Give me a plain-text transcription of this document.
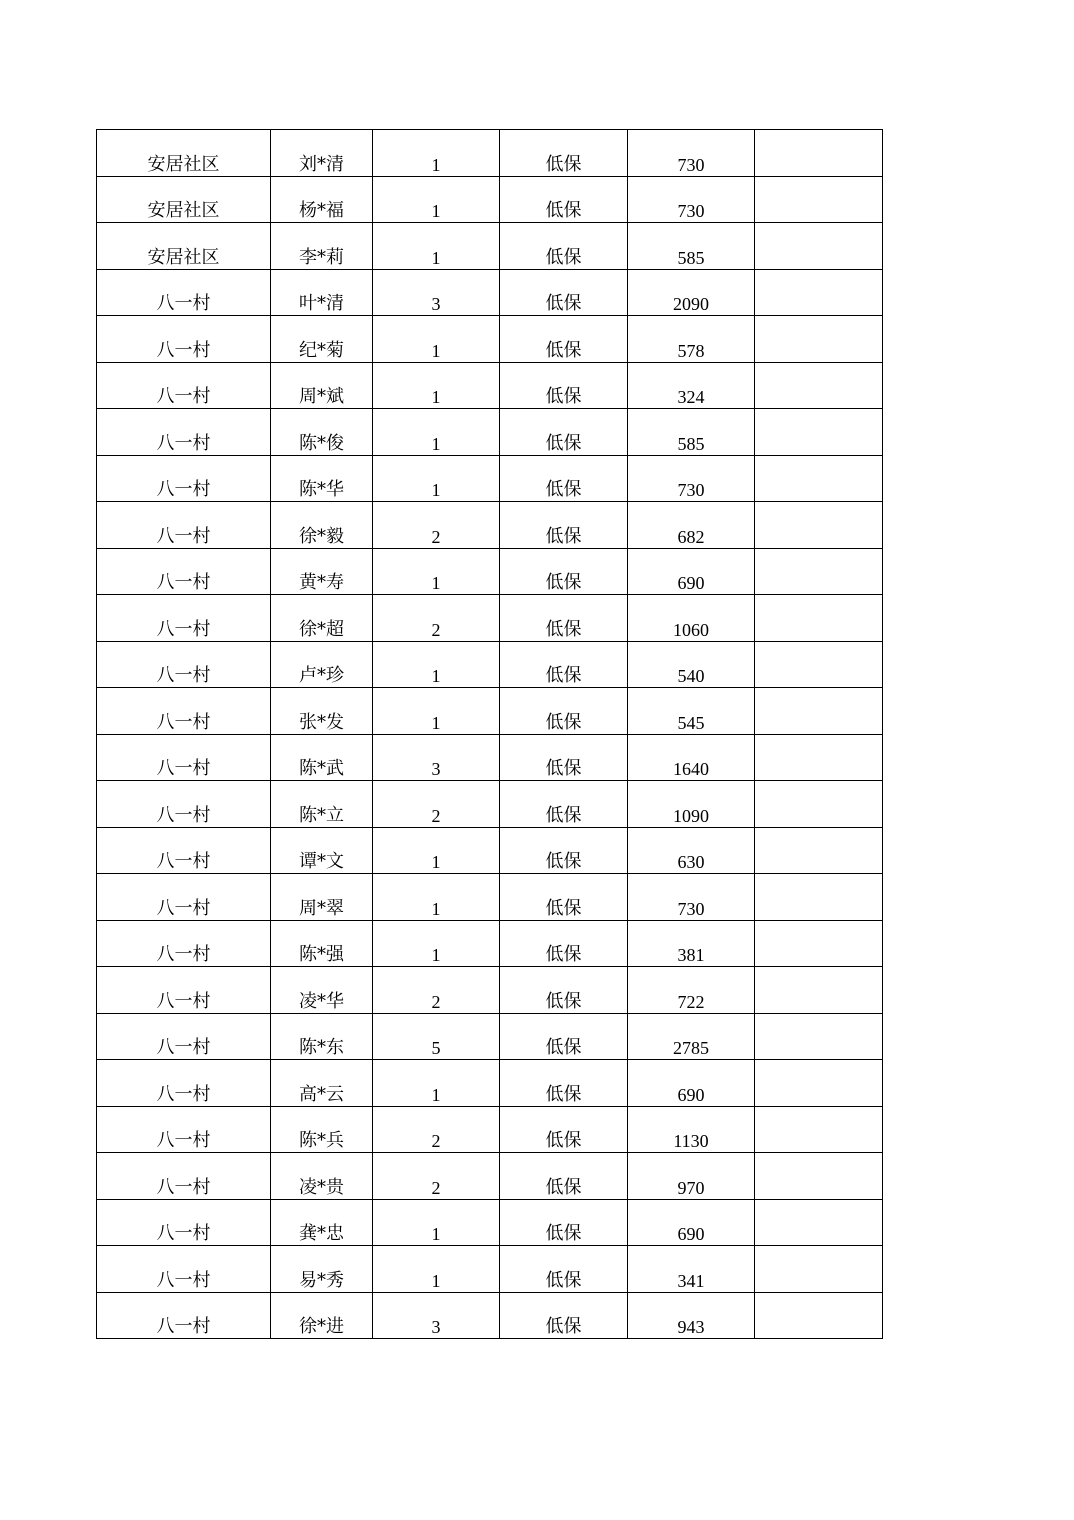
安居社区	刘*清	1	低保	730	
安居社区	杨*福	1	低保	730	
安居社区	李*莉	1	低保	585	
八一村	叶*清	3	低保	2090	
八一村	纪*菊	1	低保	578	
八一村	周*斌	1	低保	324	
八一村	陈*俊	1	低保	585	
八一村	陈*华	1	低保	730	
八一村	徐*毅	2	低保	682	
八一村	黄*寿	1	低保	690	
八一村	徐*超	2	低保	1060	
八一村	卢*珍	1	低保	540	
八一村	张*发	1	低保	545	
八一村	陈*武	3	低保	1640	
八一村	陈*立	2	低保	1090	
八一村	谭*文	1	低保	630	
八一村	周*翠	1	低保	730	
八一村	陈*强	1	低保	381	
八一村	凌*华	2	低保	722	
八一村	陈*东	5	低保	2785	
八一村	高*云	1	低保	690	
八一村	陈*兵	2	低保	1130	
八一村	凌*贵	2	低保	970	
八一村	龚*忠	1	低保	690	
八一村	易*秀	1	低保	341	
八一村	徐*进	3	低保	943	
